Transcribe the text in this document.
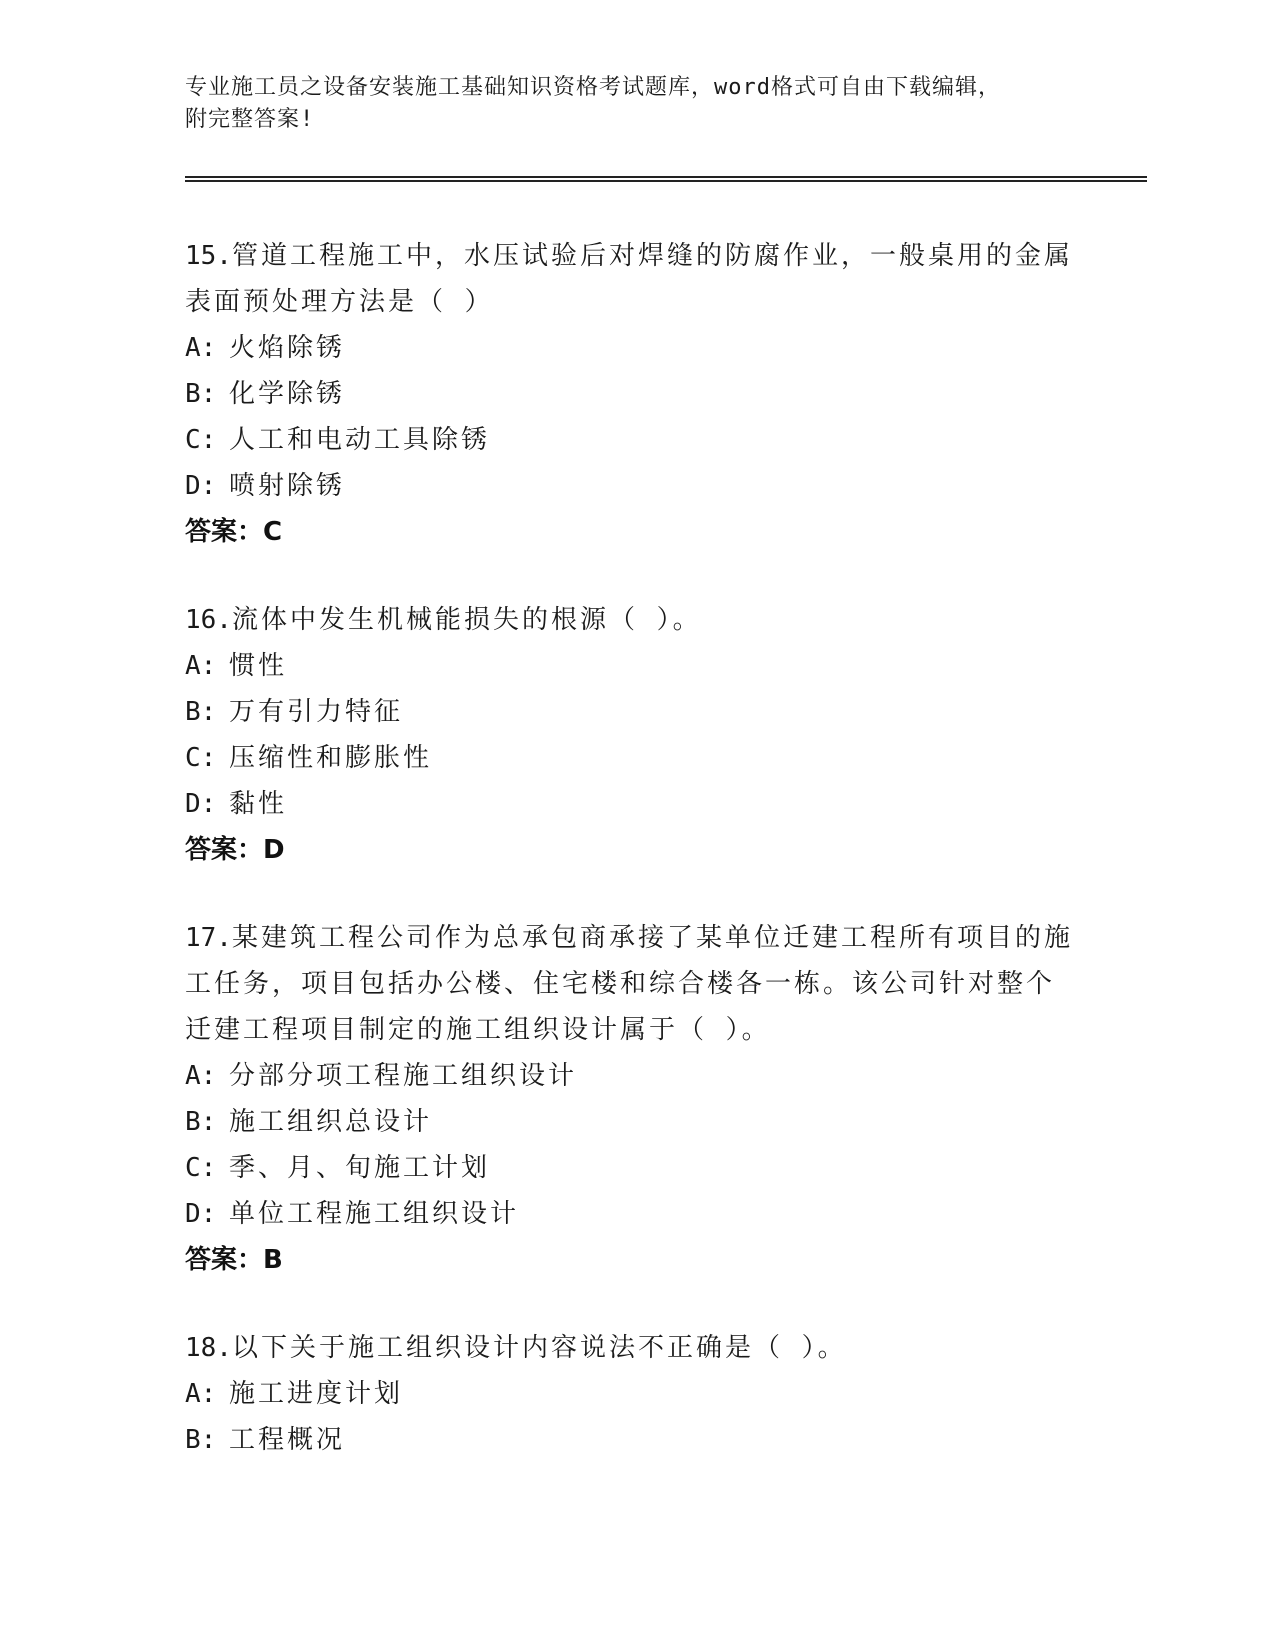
专业施工员之设备安装施工基础知识资格考试题库，word格式可自由下载编辑，
附完整答案!

15.管道工程施工中，水压试验后对焊缝的防腐作业，一般桌用的金属

表面预处理方法是（ ）

A: 火焰除锈

B: 化学除锈

C: 人工和电动工具除锈

D: 喷射除锈

答案：C

16.流体中发生机械能损失的根源（ ）。

A: 惯性

B: 万有引力特征

C: 压缩性和膨胀性

D: 黏性

答案：D

17.某建筑工程公司作为总承包商承接了某单位迁建工程所有项目的施

工任务，项目包括办公楼、住宅楼和综合楼各一栋。该公司针对整个

迁建工程项目制定的施工组织设计属于（ ）。

A: 分部分项工程施工组织设计

B: 施工组织总设计

C: 季、月、旬施工计划

D: 单位工程施工组织设计

答案：B

18.以下关于施工组织设计内容说法不正确是（ ）。

A: 施工进度计划

B: 工程概况
